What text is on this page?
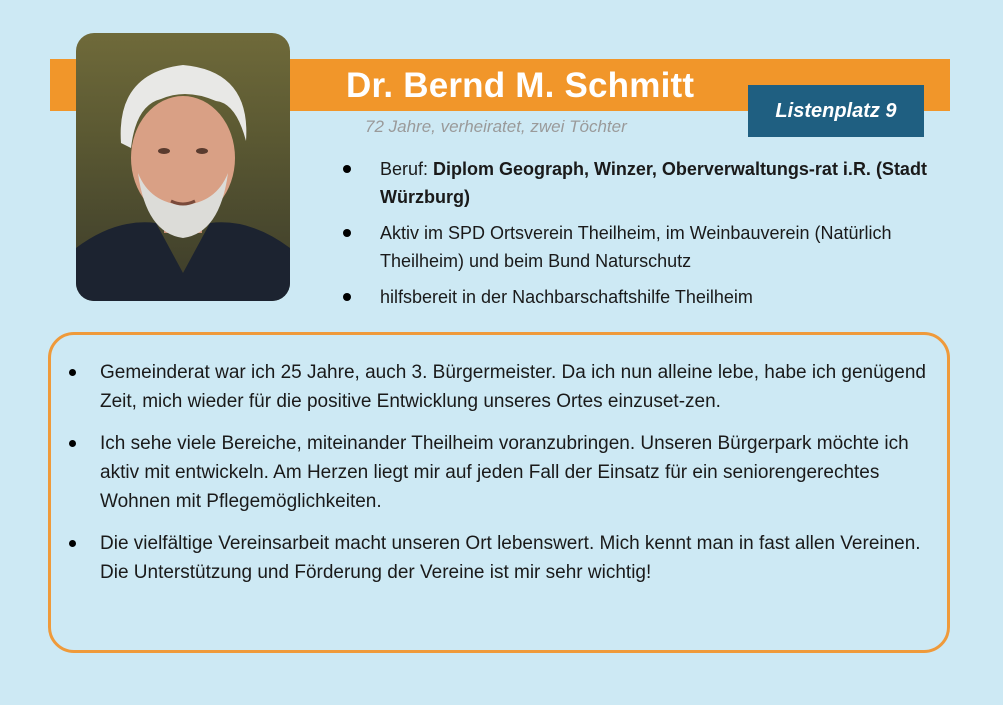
Dr. Bernd M. Schmitt
Listenplatz 9
72 Jahre, verheiratet, zwei Töchter
Beruf: Diplom Geograph, Winzer, Oberverwaltungs-rat i.R. (Stadt Würzburg)
Aktiv im SPD Ortsverein Theilheim, im Weinbauverein (Natürlich Theilheim) und beim Bund Naturschutz
hilfsbereit in der Nachbarschaftshilfe Theilheim
Gemeinderat war ich 25 Jahre, auch 3. Bürgermeister. Da ich nun alleine lebe, habe ich genügend Zeit, mich wieder für die positive Entwicklung unseres Ortes einzuset-zen.
Ich sehe viele Bereiche, miteinander Theilheim voranzubringen. Unseren Bürgerpark möchte ich aktiv mit entwickeln. Am Herzen liegt mir auf jeden Fall der Einsatz für ein seniorengerechtes Wohnen mit Pflegemöglichkeiten.
Die vielfältige Vereinsarbeit macht unseren Ort lebenswert. Mich kennt man in fast allen Vereinen. Die Unterstützung und Förderung der Vereine ist mir sehr wichtig!
